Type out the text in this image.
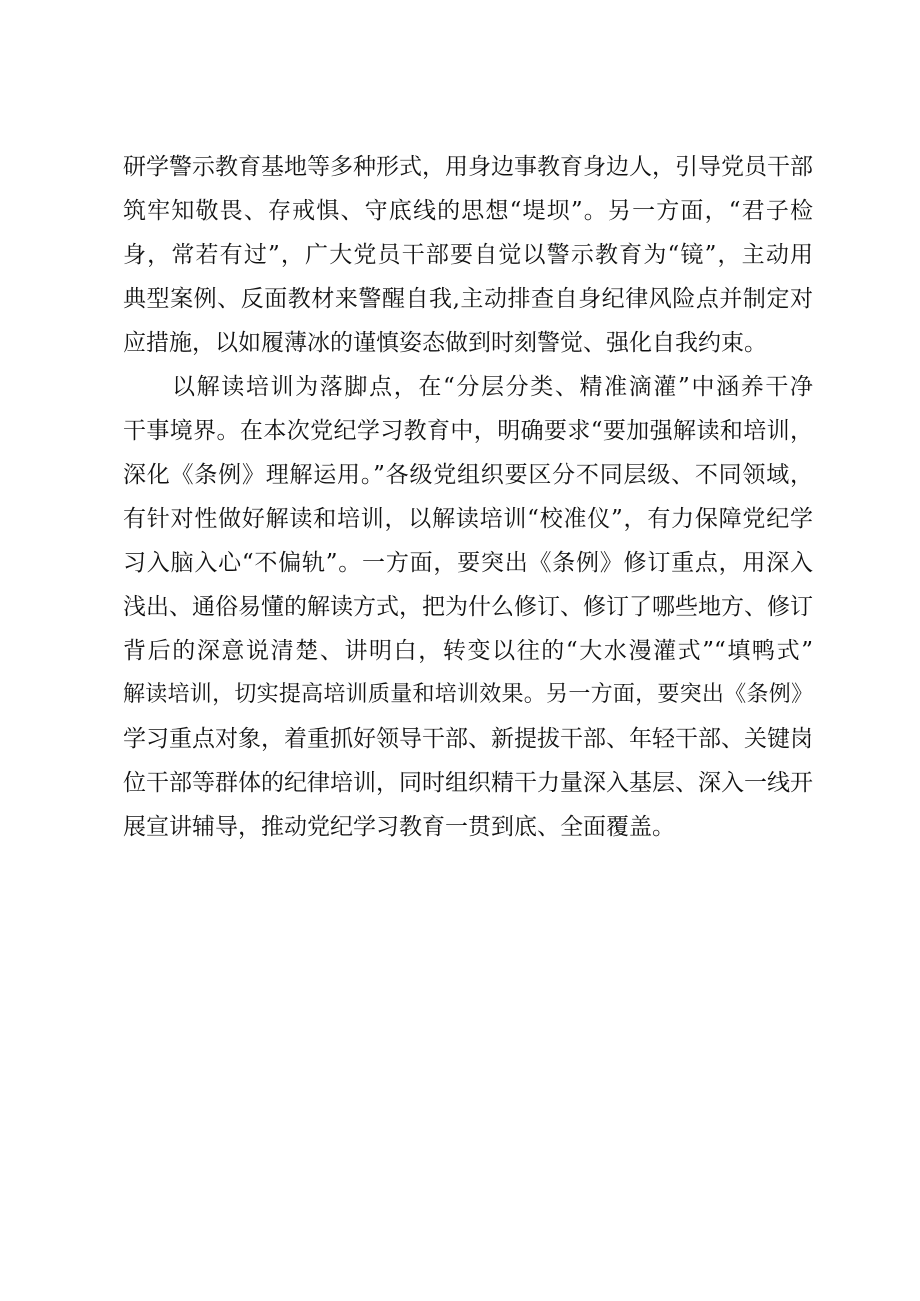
研学警示教育基地等多种形式，用身边事教育身边人，引导党员干部
筑牢知敬畏、存戒惧、守底线的思想“堤坝”。另一方面，“君子检
身，常若有过”，广大党员干部要自觉以警示教育为“镜”，主动用
典型案例、反面教材来警醒自我,主动排查自身纪律风险点并制定对
应措施，以如履薄冰的谨慎姿态做到时刻警觉、强化自我约束。
以解读培训为落脚点，在“分层分类、精准滴灌”中涵养干净
干事境界。在本次党纪学习教育中，明确要求“要加强解读和培训，
深化《条例》理解运用。”各级党组织要区分不同层级、不同领域，
有针对性做好解读和培训，以解读培训“校准仪”，有力保障党纪学
习入脑入心“不偏轨”。一方面，要突出《条例》修订重点，用深入
浅出、通俗易懂的解读方式，把为什么修订、修订了哪些地方、修订
背后的深意说清楚、讲明白，转变以往的“大水漫灌式”“填鸭式”
解读培训，切实提高培训质量和培训效果。另一方面，要突出《条例》
学习重点对象，着重抓好领导干部、新提拔干部、年轻干部、关键岗
位干部等群体的纪律培训，同时组织精干力量深入基层、深入一线开
展宣讲辅导，推动党纪学习教育一贯到底、全面覆盖。
